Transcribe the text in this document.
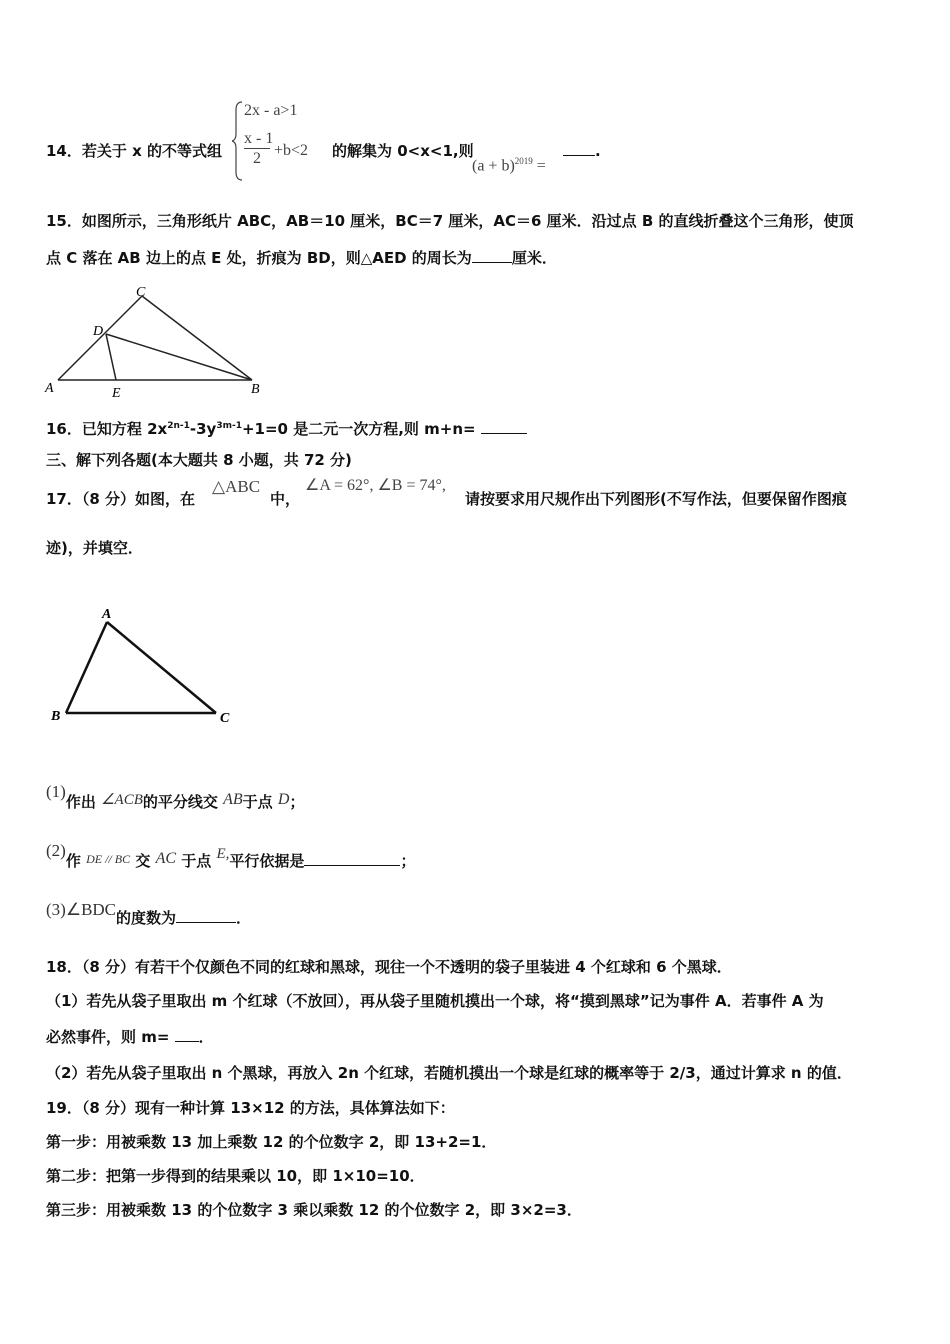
14．若关于 x 的不等式组
2x - a>1
$\frac{x - 1}{2} +b<2$ 的解集为 0<x<1,则
$(a + b)^{2019}$ =
.
15．如图所示，三角形纸片 ABC，AB＝10 厘米，BC＝7 厘米，AC＝6 厘米．沿过点 B 的直线折叠这个三角形，使顶
点 C 落在 AB 边上的点 E 处，折痕为 BD，则△AED 的周长为	厘米．
C
D
A	E	B
16．已知方程 $2x^{2n-1}-3y^{3m-1}+1=0$ 是二元一次方程,则 m+n=
三、解下列各题(本大题共 8 小题，共 72 分)
17．（8 分）如图，在
△ABC
中，
∠A = 62°, ∠B = 74°,
请按要求用尺规作出下列图形(不写作法，但要保留作图痕
迹)，并填空．
A
B	C
(1)作出 ∠ACB的平分线交 AB于点 D；
(2)作 $^{DE // BC}$ 交 AC 于点 E,平行依据是	；
(3)∠BDC的度数为	．
18．（8 分）有若干个仅颜色不同的红球和黑球，现往一个不透明的袋子里装进 4 个红球和 6 个黑球．
（1）若先从袋子里取出 m 个红球（不放回），再从袋子里随机摸出一个球，将“摸到黑球”记为事件 A．若事件 A 为
必然事件，则 m= ．
（2）若先从袋子里取出 n 个黑球，再放入 2n 个红球，若随机摸出一个球是红球的概率等于 2/3，通过计算求 n 的值．
19．（8 分）现有一种计算 13×12 的方法，具体算法如下：
第一步：用被乘数 13 加上乘数 12 的个位数字 2，即 13+2=1．
第二步：把第一步得到的结果乘以 10，即 1×10=10．
第三步：用被乘数 13 的个位数字 3 乘以乘数 12 的个位数字 2，即 3×2=3．
